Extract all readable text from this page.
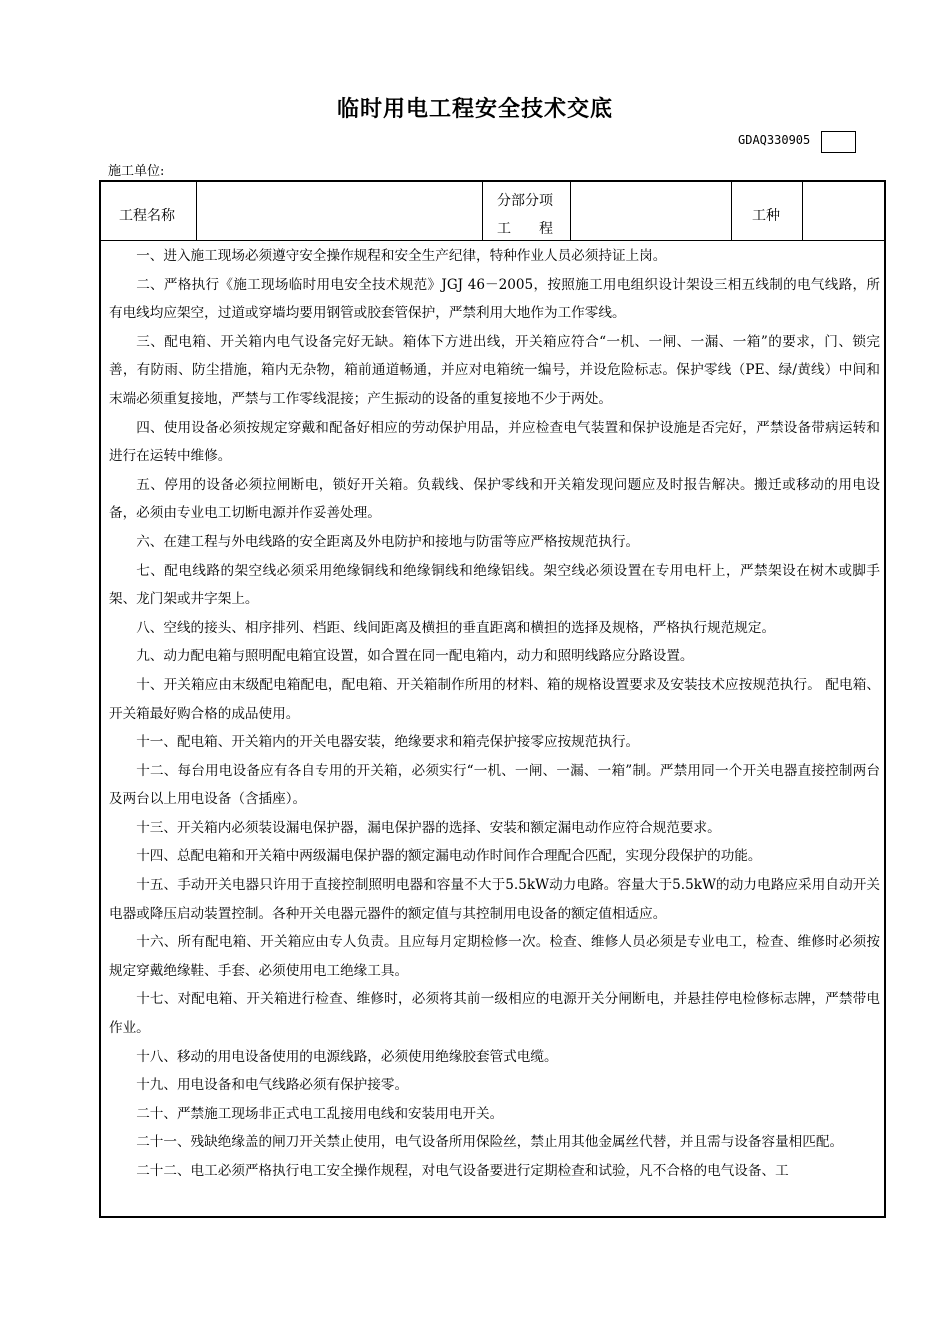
临时用电工程安全技术交底
GDAQ330905
施工单位:
工程名称
分部分项
工　　程
工种

一、进入施工现场必须遵守安全操作规程和安全生产纪律，特种作业人员必须持证上岗。

二、严格执行《施工现场临时用电安全技术规范》JGJ 46－2005，按照施工用电组织设计架设三相五线制的电气线路，所有电线均应架空，过道或穿墙均要用钢管或胶套管保护，严禁利用大地作为工作零线。

三、配电箱、开关箱内电气设备完好无缺。箱体下方进出线，开关箱应符合“一机、一闸、一漏、一箱”的要求，门、锁完善，有防雨、防尘措施，箱内无杂物，箱前通道畅通，并应对电箱统一编号，并设危险标志。保护零线（PE、绿/黄线）中间和末端必须重复接地，严禁与工作零线混接；产生振动的设备的重复接地不少于两处。

四、使用设备必须按规定穿戴和配备好相应的劳动保护用品，并应检查电气装置和保护设施是否完好，严禁设备带病运转和进行在运转中维修。

五、停用的设备必须拉闸断电，锁好开关箱。负载线、保护零线和开关箱发现问题应及时报告解决。搬迁或移动的用电设备，必须由专业电工切断电源并作妥善处理。

六、在建工程与外电线路的安全距离及外电防护和接地与防雷等应严格按规范执行。

七、配电线路的架空线必须采用绝缘铜线和绝缘铜线和绝缘铝线。架空线必须设置在专用电杆上，严禁架设在树木或脚手架、龙门架或井字架上。

八、空线的接头、相序排列、档距、线间距离及横担的垂直距离和横担的选择及规格，严格执行规范规定。

九、动力配电箱与照明配电箱宜设置，如合置在同一配电箱内，动力和照明线路应分路设置。

十、开关箱应由末级配电箱配电，配电箱、开关箱制作所用的材料、箱的规格设置要求及安装技术应按规范执行。 配电箱、开关箱最好购合格的成品使用。

十一、配电箱、开关箱内的开关电器安装，绝缘要求和箱壳保护接零应按规范执行。

十二、每台用电设备应有各自专用的开关箱，必须实行“一机、一闸、一漏、一箱”制。严禁用同一个开关电器直接控制两台及两台以上用电设备（含插座）。

十三、开关箱内必须装设漏电保护器，漏电保护器的选择、安装和额定漏电动作应符合规范要求。

十四、总配电箱和开关箱中两级漏电保护器的额定漏电动作时间作合理配合匹配，实现分段保护的功能。

十五、手动开关电器只许用于直接控制照明电器和容量不大于5.5kW动力电路。容量大于5.5kW的动力电路应采用自动开关电器或降压启动装置控制。各种开关电器元器件的额定值与其控制用电设备的额定值相适应。

十六、所有配电箱、开关箱应由专人负责。且应每月定期检修一次。检查、维修人员必须是专业电工，检查、维修时必须按规定穿戴绝缘鞋、手套、必须使用电工绝缘工具。

十七、对配电箱、开关箱进行检查、维修时，必须将其前一级相应的电源开关分闸断电，并悬挂停电检修标志牌，严禁带电作业。

十八、移动的用电设备使用的电源线路，必须使用绝缘胶套管式电缆。

十九、用电设备和电气线路必须有保护接零。

二十、严禁施工现场非正式电工乱接用电线和安装用电开关。

二十一、残缺绝缘盖的闸刀开关禁止使用，电气设备所用保险丝，禁止用其他金属丝代替，并且需与设备容量相匹配。

二十二、电工必须严格执行电工安全操作规程，对电气设备要进行定期检查和试验，凡不合格的电气设备、工
